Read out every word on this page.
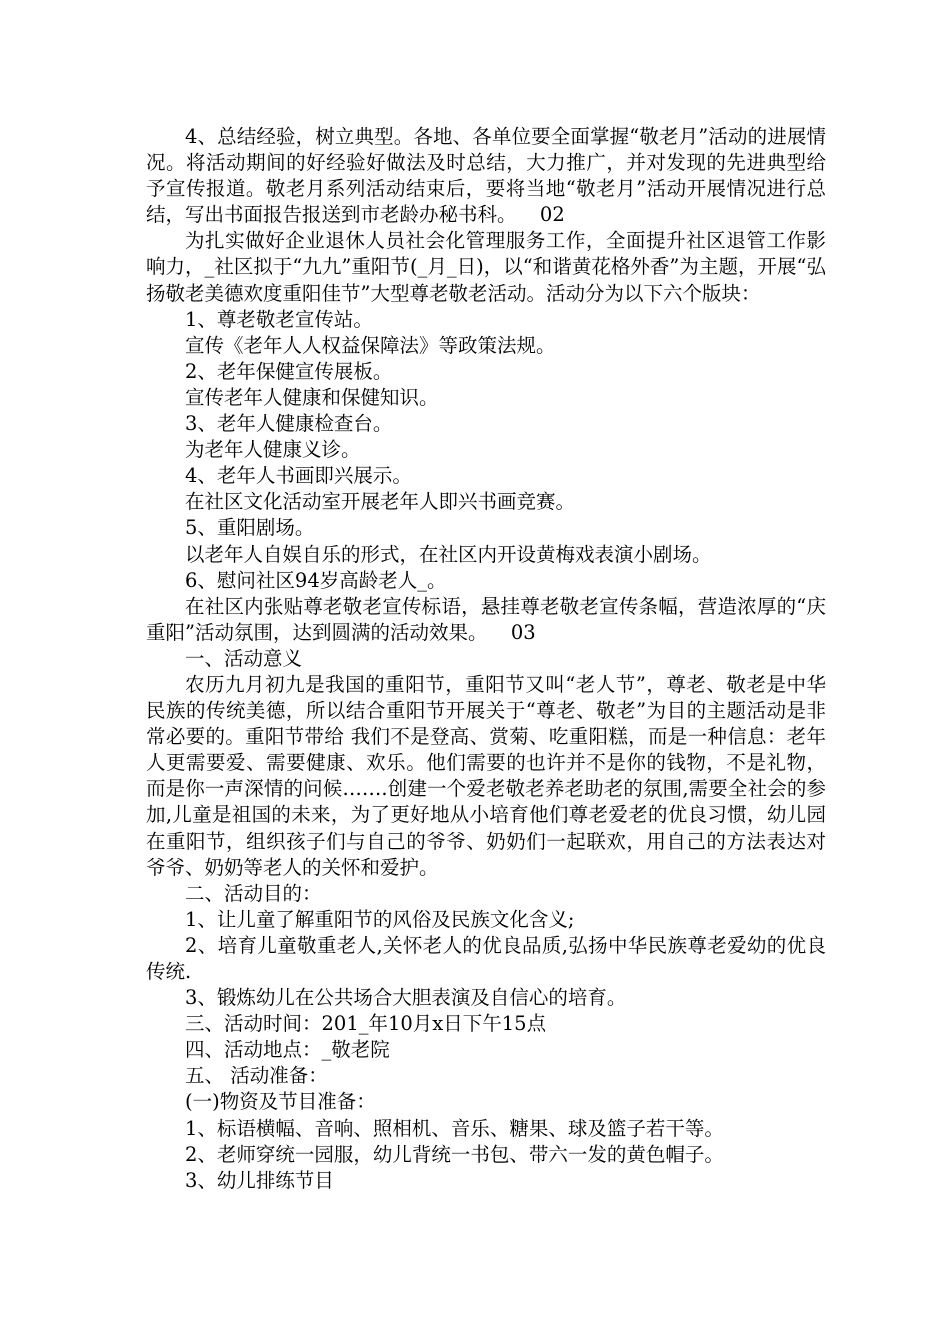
4、总结经验，树立典型。各地、各单位要全面掌握“敬老月”活动的进展情况。将活动期间的好经验好做法及时总结，大力推广，并对发现的先进典型给予宣传报道。敬老月系列活动结束后，要将当地“敬老月”活动开展情况进行总结，写出书面报告报送到市老龄办秘书科。 02

为扎实做好企业退休人员社会化管理服务工作，全面提升社区退管工作影响力，_社区拟于“九九”重阳节(_月_日)，以“和谐黄花格外香”为主题，开展“弘扬敬老美德欢度重阳佳节”大型尊老敬老活动。活动分为以下六个版块：

1、尊老敬老宣传站。

宣传《老年人人权益保障法》等政策法规。

2、老年保健宣传展板。

宣传老年人健康和保健知识。

3、老年人健康检查台。

为老年人健康义诊。

4、老年人书画即兴展示。

在社区文化活动室开展老年人即兴书画竞赛。

5、重阳剧场。

以老年人自娱自乐的形式，在社区内开设黄梅戏表演小剧场。

6、慰问社区94岁高龄老人_。

在社区内张贴尊老敬老宣传标语，悬挂尊老敬老宣传条幅，营造浓厚的“庆重阳”活动氛围，达到圆满的活动效果。 03

一、活动意义

农历九月初九是我国的重阳节，重阳节又叫“老人节”，尊老、敬老是中华民族的传统美德，所以结合重阳节开展关于“尊老、敬老”为目的主题活动是非常必要的。重阳节带给 我们不是登高、赏菊、吃重阳糕，而是一种信息：老年人更需要爱、需要健康、欢乐。他们需要的也许并不是你的钱物，不是礼物，而是你一声深情的问候…….创建一个爱老敬老养老助老的氛围,需要全社会的参加,儿童是祖国的未来，为了更好地从小培育他们尊老爱老的优良习惯，幼儿园在重阳节，组织孩子们与自己的爷爷、奶奶们一起联欢，用自己的方法表达对爷爷、奶奶等老人的关怀和爱护。

二、活动目的：

1、让儿童了解重阳节的风俗及民族文化含义;

2、培育儿童敬重老人,关怀老人的优良品质,弘扬中华民族尊老爱幼的优良传统.

3、锻炼幼儿在公共场合大胆表演及自信心的培育。

三、活动时间：201_年10月x日下午15点

四、活动地点：_敬老院

五、 活动准备：

(一)物资及节目准备：

1、标语横幅、音响、照相机、音乐、糖果、球及篮子若干等。

2、老师穿统一园服，幼儿背统一书包、带六一发的黄色帽子。

3、幼儿排练节目
